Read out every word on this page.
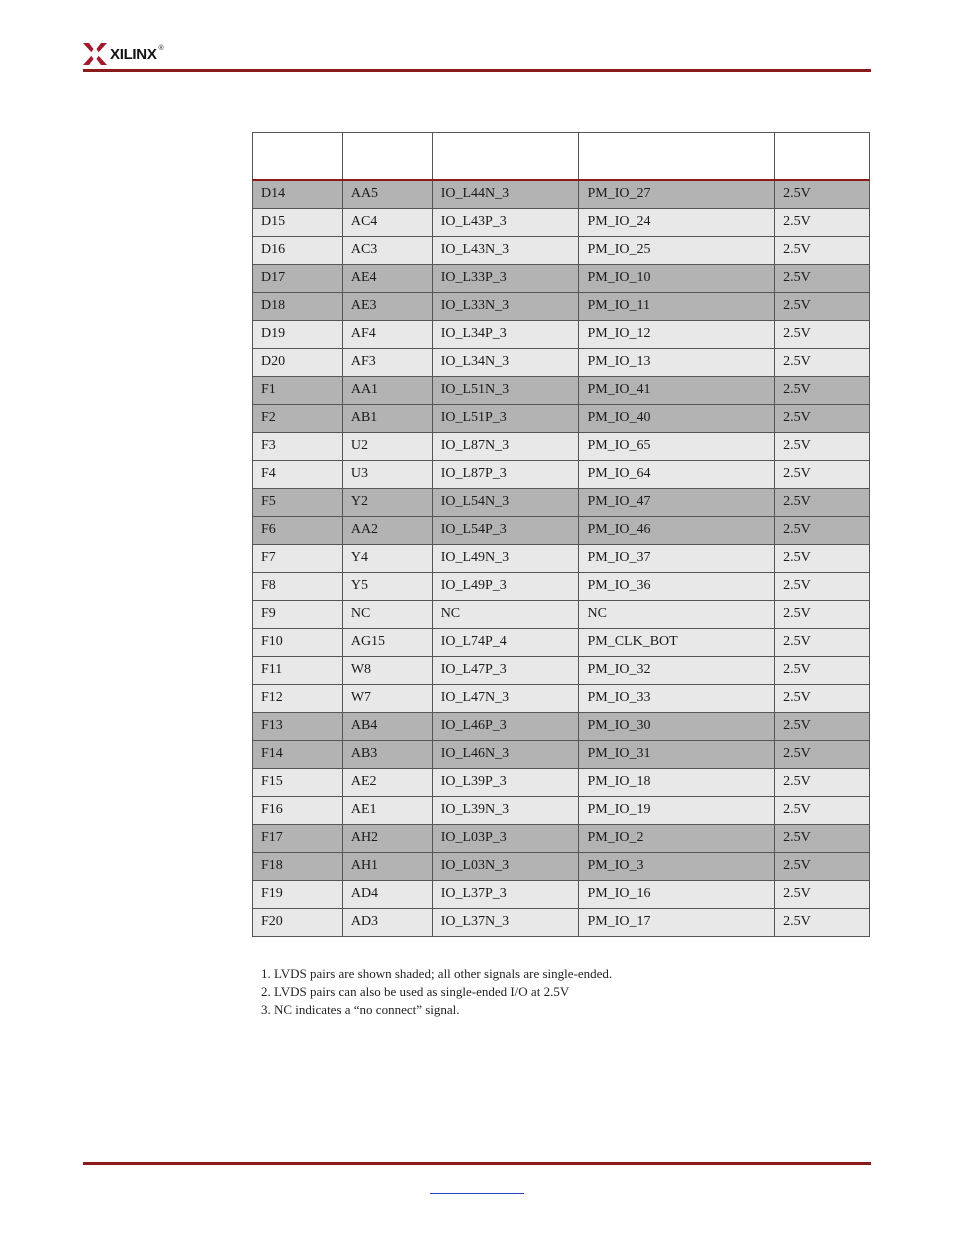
XILINX ®

D14	AA5	IO_L44N_3	PM_IO_27	2.5V
D15	AC4	IO_L43P_3	PM_IO_24	2.5V
D16	AC3	IO_L43N_3	PM_IO_25	2.5V
D17	AE4	IO_L33P_3	PM_IO_10	2.5V
D18	AE3	IO_L33N_3	PM_IO_11	2.5V
D19	AF4	IO_L34P_3	PM_IO_12	2.5V
D20	AF3	IO_L34N_3	PM_IO_13	2.5V
F1	AA1	IO_L51N_3	PM_IO_41	2.5V
F2	AB1	IO_L51P_3	PM_IO_40	2.5V
F3	U2	IO_L87N_3	PM_IO_65	2.5V
F4	U3	IO_L87P_3	PM_IO_64	2.5V
F5	Y2	IO_L54N_3	PM_IO_47	2.5V
F6	AA2	IO_L54P_3	PM_IO_46	2.5V
F7	Y4	IO_L49N_3	PM_IO_37	2.5V
F8	Y5	IO_L49P_3	PM_IO_36	2.5V
F9	NC	NC	NC	2.5V
F10	AG15	IO_L74P_4	PM_CLK_BOT	2.5V
F11	W8	IO_L47P_3	PM_IO_32	2.5V
F12	W7	IO_L47N_3	PM_IO_33	2.5V
F13	AB4	IO_L46P_3	PM_IO_30	2.5V
F14	AB3	IO_L46N_3	PM_IO_31	2.5V
F15	AE2	IO_L39P_3	PM_IO_18	2.5V
F16	AE1	IO_L39N_3	PM_IO_19	2.5V
F17	AH2	IO_L03P_3	PM_IO_2	2.5V
F18	AH1	IO_L03N_3	PM_IO_3	2.5V
F19	AD4	IO_L37P_3	PM_IO_16	2.5V
F20	AD3	IO_L37N_3	PM_IO_17	2.5V
1. LVDS pairs are shown shaded; all other signals are single-ended.
2. LVDS pairs can also be used as single-ended I/O at 2.5V
3. NC indicates a “no connect” signal.
